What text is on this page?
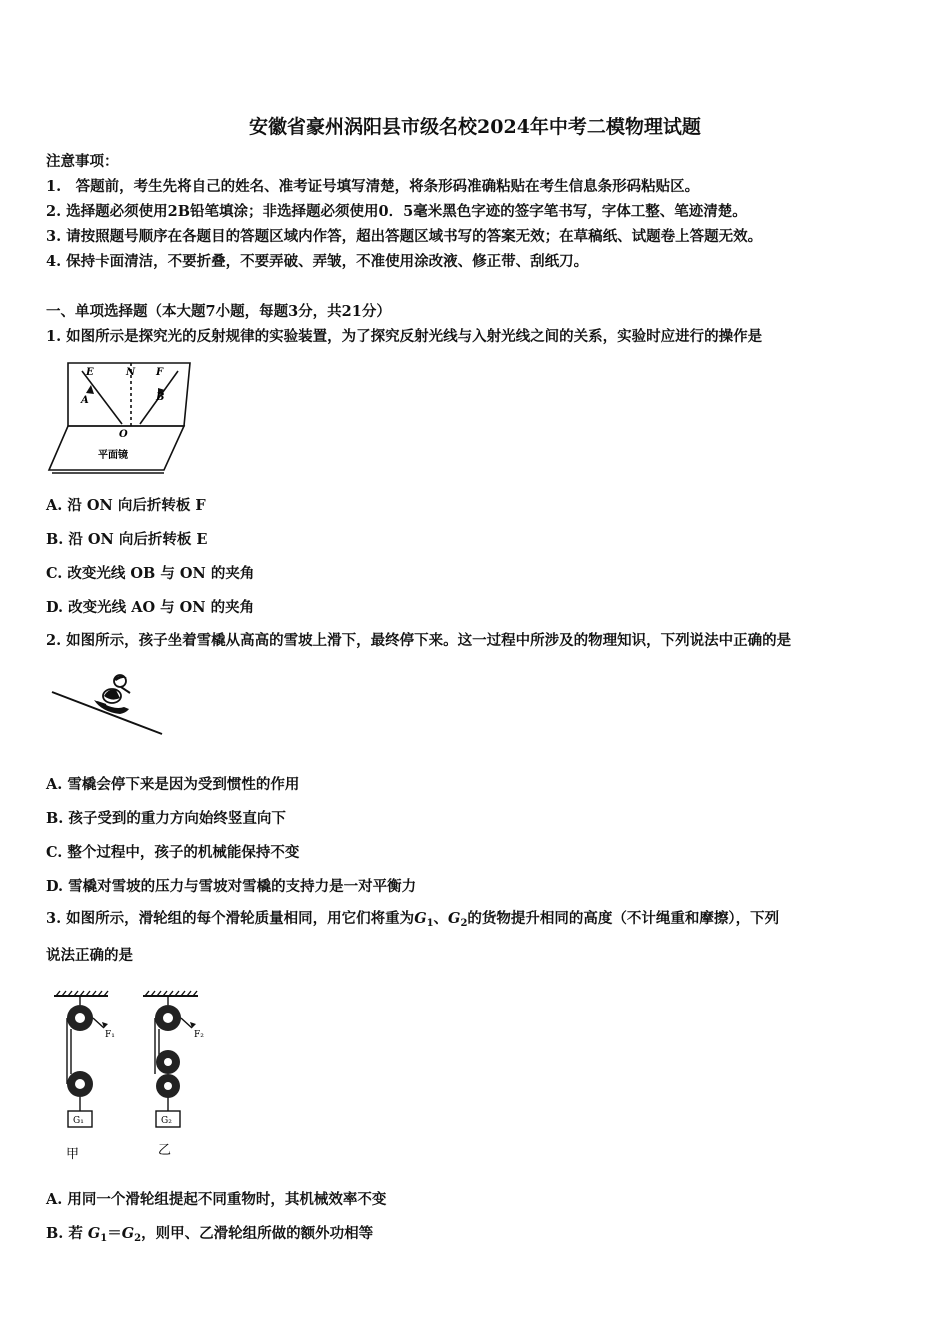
安徽省豪州涡阳县市级名校2024年中考二模物理试题
注意事项：
1.　答题前，考生先将自己的姓名、准考证号填写清楚，将条形码准确粘贴在考生信息条形码粘贴区。
2. 选择题必须使用2B铅笔填涂；非选择题必须使用0．5毫米黑色字迹的签字笔书写，字体工整、笔迹清楚。
3. 请按照题号顺序在各题目的答题区域内作答，超出答题区域书写的答案无效；在草稿纸、试题卷上答题无效。
4. 保持卡面清洁，不要折叠，不要弄破、弄皱，不准使用涂改液、修正带、刮纸刀。
一、单项选择题（本大题7小题，每题3分，共21分）
1. 如图所示是探究光的反射规律的实验装置，为了探究反射光线与入射光线之间的关系，实验时应进行的操作是
E	N F
A	B
O
平面镜
A. 沿 ON 向后折转板 F
B. 沿 ON 向后折转板 E
C. 改变光线 OB 与 ON 的夹角
D. 改变光线 AO 与 ON 的夹角
2. 如图所示，孩子坐着雪橇从高高的雪坡上滑下，最终停下来。这一过程中所涉及的物理知识，下列说法中正确的是
A. 雪橇会停下来是因为受到惯性的作用
B. 孩子受到的重力方向始终竖直向下
C. 整个过程中，孩子的机械能保持不变
D. 雪橇对雪坡的压力与雪坡对雪橇的支持力是一对平衡力
3. 如图所示，滑轮组的每个滑轮质量相同，用它们将重为$G_1$、$G_2$的货物提升相同的高度（不计绳重和摩擦），下列
说法正确的是
F₁	F₂
G₁	G₂
甲	乙
A. 用同一个滑轮组提起不同重物时，其机械效率不变
B. 若 $G_1=G_2$，则甲、乙滑轮组所做的额外功相等
